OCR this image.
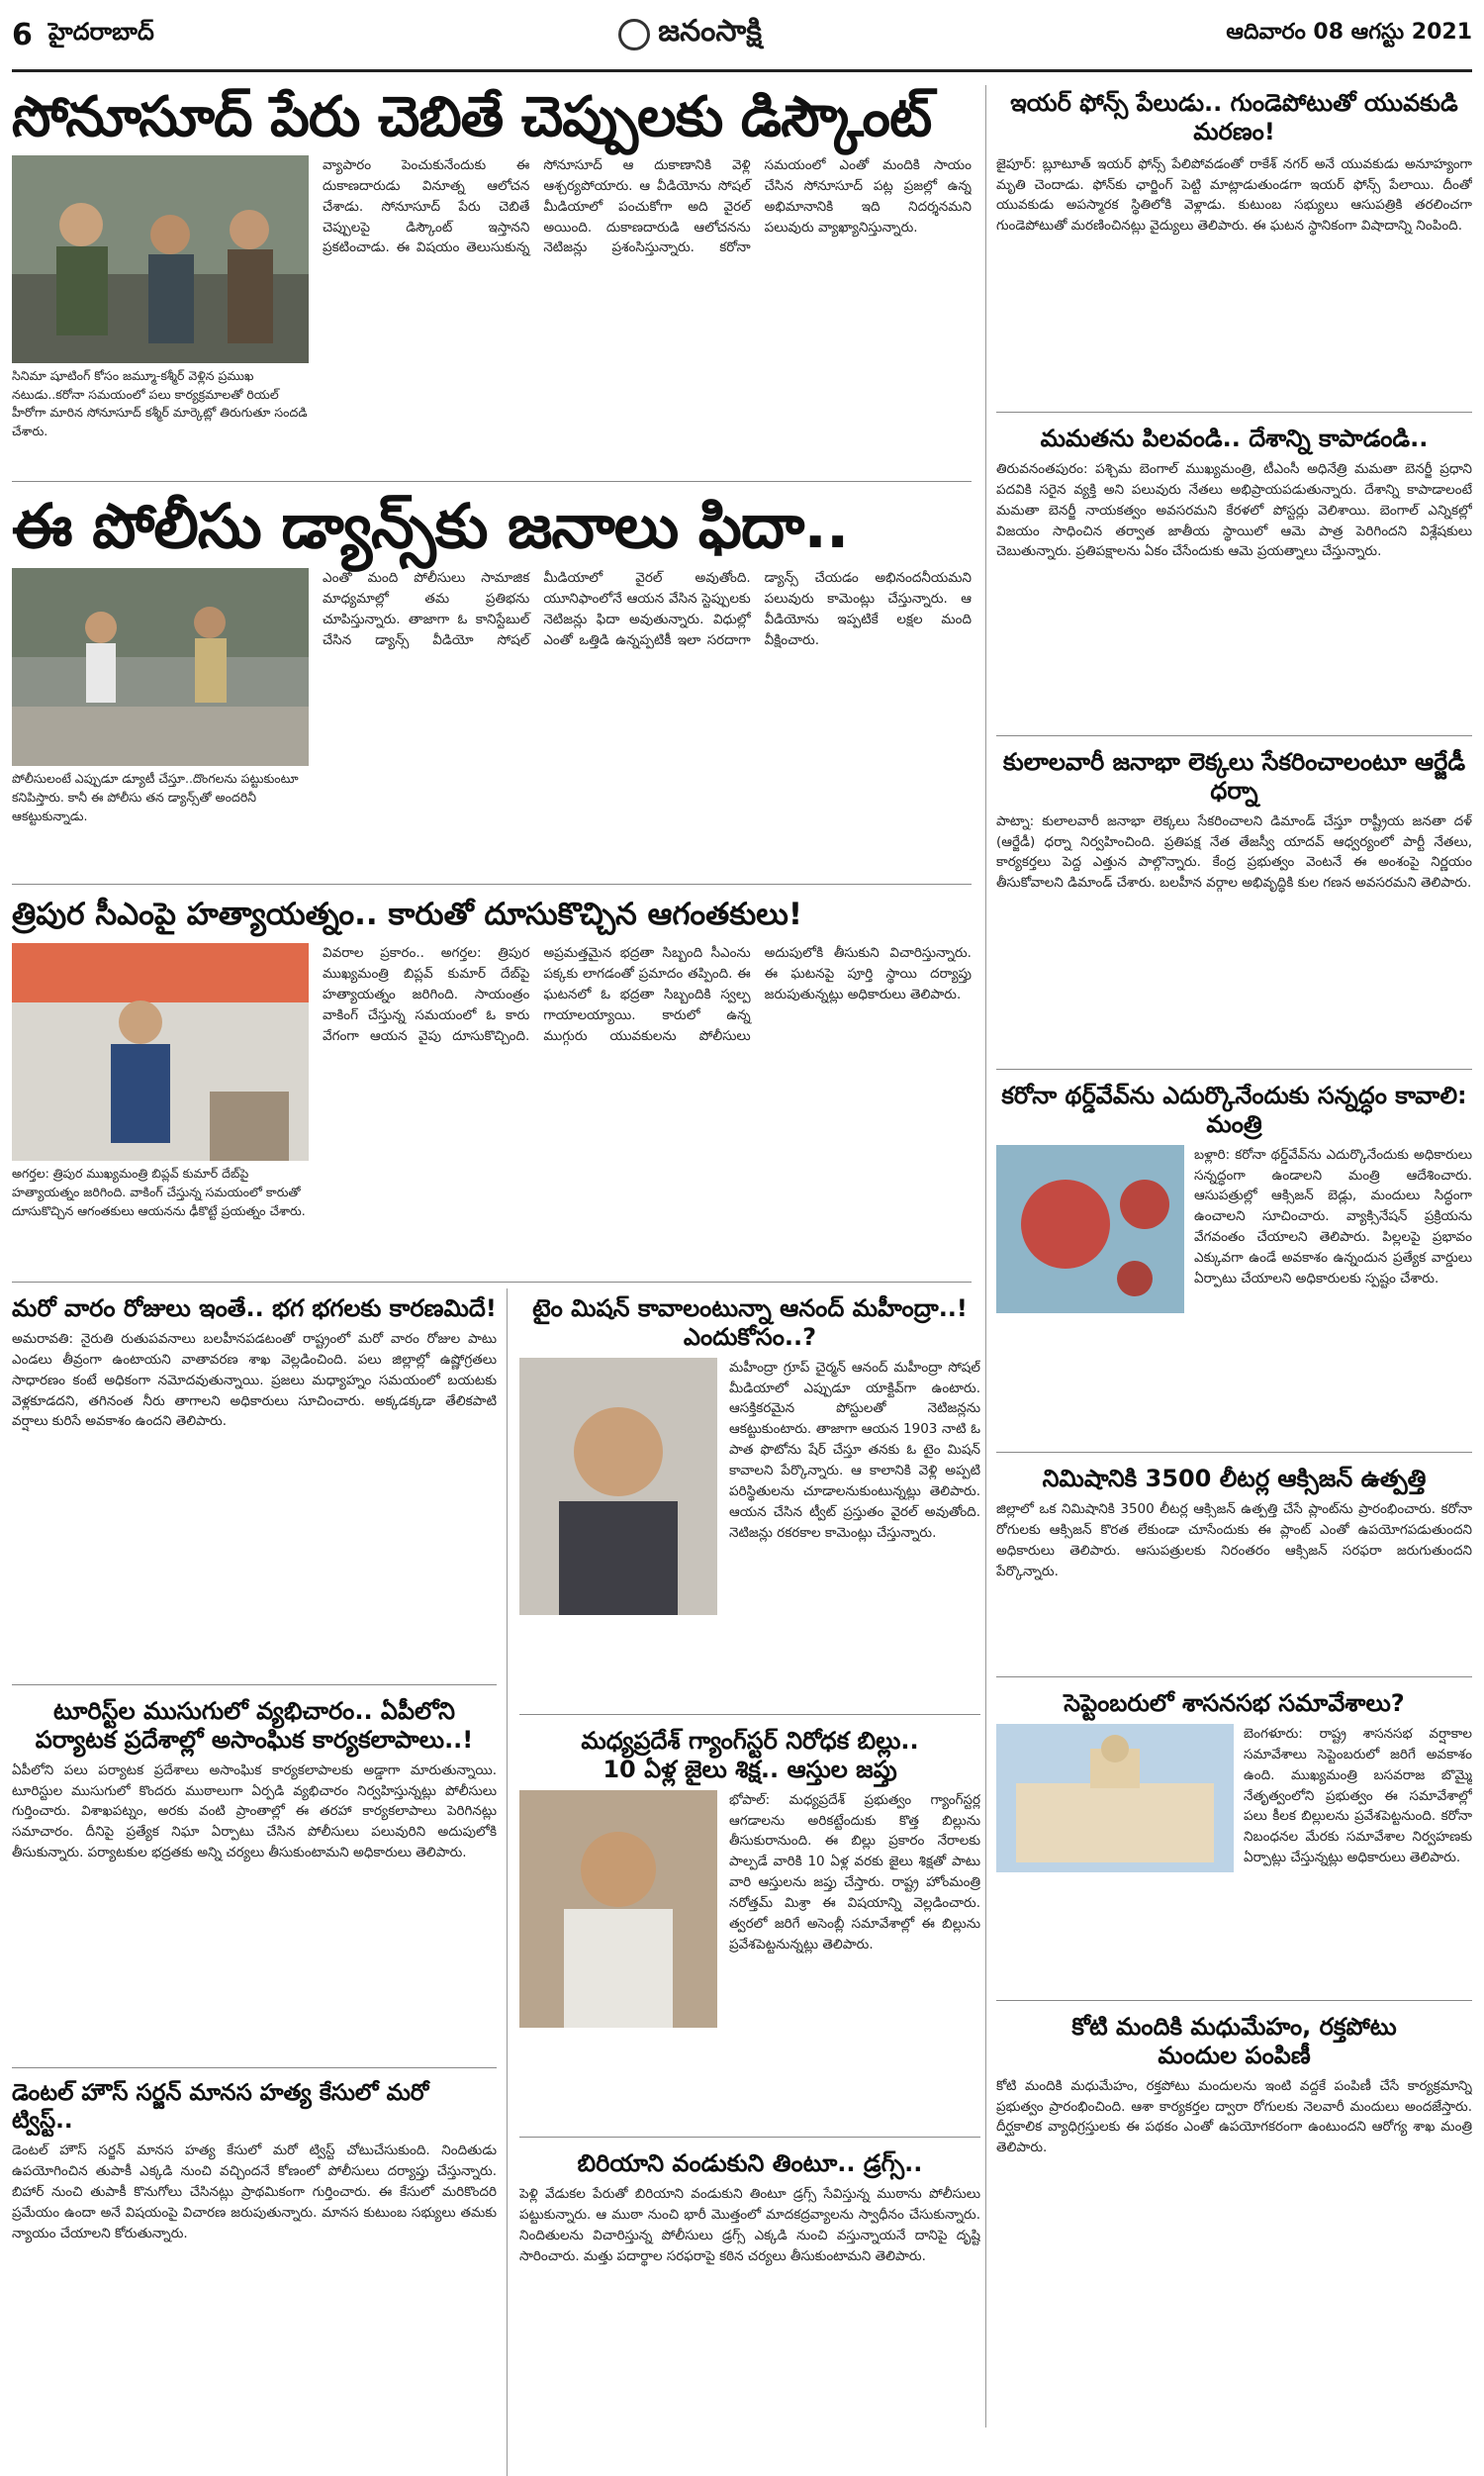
6 హైదరాబాద్	జనంసాక్షి	ఆదివారం 08 ఆగస్టు 2021
సోనూసూద్ పేరు చెబితే చెప్పులకు డిస్కౌంట్
సినిమా షూటింగ్ కోసం జమ్మూ-కశ్మీర్ వెళ్లిన ప్రముఖ నటుడు..కరోనా సమయంలో పలు కార్యక్రమాలతో రియల్ హీరోగా మారిన సోనూసూద్ కశ్మీర్ మార్కెట్లో తిరుగుతూ సందడి చేశారు.
వ్యాపారం పెంచుకునేందుకు ఈ దుకాణదారుడు వినూత్న ఆలోచన చేశాడు. సోనూసూద్ పేరు చెబితే చెప్పులపై డిస్కౌంట్ ఇస్తానని ప్రకటించాడు. ఈ విషయం తెలుసుకున్న సోనూసూద్ ఆ దుకాణానికి వెళ్లి ఆశ్చర్యపోయారు. ఆ వీడియోను సోషల్ మీడియాలో పంచుకోగా అది వైరల్ అయింది. దుకాణదారుడి ఆలోచనను నెటిజన్లు ప్రశంసిస్తున్నారు. కరోనా సమయంలో ఎంతో మందికి సాయం చేసిన సోనూసూద్ పట్ల ప్రజల్లో ఉన్న అభిమానానికి ఇది నిదర్శనమని పలువురు వ్యాఖ్యానిస్తున్నారు.
ఈ పోలీసు డ్యాన్స్‌కు జనాలు ఫిదా..
పోలీసులంటే ఎప్పుడూ డ్యూటీ చేస్తూ..దొంగలను పట్టుకుంటూ కనిపిస్తారు. కానీ ఈ పోలీసు తన డ్యాన్స్‌తో అందరినీ ఆకట్టుకున్నాడు.
ఎంతో మంది పోలీసులు సామాజిక మాధ్యమాల్లో తమ ప్రతిభను చూపిస్తున్నారు. తాజాగా ఓ కానిస్టేబుల్ చేసిన డ్యాన్స్ వీడియో సోషల్ మీడియాలో వైరల్ అవుతోంది. యూనిఫాంలోనే ఆయన వేసిన స్టెప్పులకు నెటిజన్లు ఫిదా అవుతున్నారు. విధుల్లో ఎంతో ఒత్తిడి ఉన్నప్పటికీ ఇలా సరదాగా డ్యాన్స్ చేయడం అభినందనీయమని పలువురు కామెంట్లు చేస్తున్నారు. ఆ వీడియోను ఇప్పటికే లక్షల మంది వీక్షించారు.
త్రిపుర సీఎంపై హత్యాయత్నం.. కారుతో దూసుకొచ్చిన ఆగంతకులు!
అగర్తల: త్రిపుర ముఖ్యమంత్రి బిప్లవ్ కుమార్ దేబ్‌పై హత్యాయత్నం జరిగింది. వాకింగ్ చేస్తున్న సమయంలో కారుతో దూసుకొచ్చిన ఆగంతకులు ఆయనను ఢీకొట్టే ప్రయత్నం చేశారు.
వివరాల ప్రకారం.. అగర్తల: త్రిపుర ముఖ్యమంత్రి బిప్లవ్ కుమార్ దేబ్‌పై హత్యాయత్నం జరిగింది. సాయంత్రం వాకింగ్ చేస్తున్న సమయంలో ఓ కారు వేగంగా ఆయన వైపు దూసుకొచ్చింది. అప్రమత్తమైన భద్రతా సిబ్బంది సీఎంను పక్కకు లాగడంతో ప్రమాదం తప్పింది. ఈ ఘటనలో ఓ భద్రతా సిబ్బందికి స్వల్ప గాయాలయ్యాయి. కారులో ఉన్న ముగ్గురు యువకులను పోలీసులు అదుపులోకి తీసుకుని విచారిస్తున్నారు. ఈ ఘటనపై పూర్తి స్థాయి దర్యాప్తు జరుపుతున్నట్లు అధికారులు తెలిపారు.
మరో వారం రోజులు ఇంతే.. భగ భగలకు కారణమిదే!
అమరావతి: నైరుతి రుతుపవనాలు బలహీనపడటంతో రాష్ట్రంలో మరో వారం రోజుల పాటు ఎండలు తీవ్రంగా ఉంటాయని వాతావరణ శాఖ వెల్లడించింది. పలు జిల్లాల్లో ఉష్ణోగ్రతలు సాధారణం కంటే అధికంగా నమోదవుతున్నాయి. ప్రజలు మధ్యాహ్నం సమయంలో బయటకు వెళ్లకూడదని, తగినంత నీరు తాగాలని అధికారులు సూచించారు. అక్కడక్కడా తేలికపాటి వర్షాలు కురిసే అవకాశం ఉందని తెలిపారు.
టూరిస్ట్‌ల ముసుగులో వ్యభిచారం.. ఏపీలోని
పర్యాటక ప్రదేశాల్లో అసాంఘిక కార్యకలాపాలు..!
ఏపీలోని పలు పర్యాటక ప్రదేశాలు అసాంఘిక కార్యకలాపాలకు అడ్డాగా మారుతున్నాయి. టూరిస్టుల ముసుగులో కొందరు ముఠాలుగా ఏర్పడి వ్యభిచారం నిర్వహిస్తున్నట్లు పోలీసులు గుర్తించారు. విశాఖపట్నం, అరకు వంటి ప్రాంతాల్లో ఈ తరహా కార్యకలాపాలు పెరిగినట్లు సమాచారం. దీనిపై ప్రత్యేక నిఘా ఏర్పాటు చేసిన పోలీసులు పలువురిని అదుపులోకి తీసుకున్నారు. పర్యాటకుల భద్రతకు అన్ని చర్యలు తీసుకుంటామని అధికారులు తెలిపారు.
డెంటల్ హౌస్ సర్జన్ మానస హత్య కేసులో మరో ట్విస్ట్..
డెంటల్ హౌస్ సర్జన్ మానస హత్య కేసులో మరో ట్విస్ట్ చోటుచేసుకుంది. నిందితుడు ఉపయోగించిన తుపాకీ ఎక్కడి నుంచి వచ్చిందనే కోణంలో పోలీసులు దర్యాప్తు చేస్తున్నారు. బిహార్ నుంచి తుపాకీ కొనుగోలు చేసినట్లు ప్రాథమికంగా గుర్తించారు. ఈ కేసులో మరికొందరి ప్రమేయం ఉందా అనే విషయంపై విచారణ జరుపుతున్నారు. మానస కుటుంబ సభ్యులు తమకు న్యాయం చేయాలని కోరుతున్నారు.
టైం మిషన్ కావాలంటున్నా ఆనంద్ మహీంద్రా..! ఎందుకోసం..?
మహీంద్రా గ్రూప్ చైర్మన్ ఆనంద్ మహీంద్రా సోషల్ మీడియాలో ఎప్పుడూ యాక్టివ్‌గా ఉంటారు. ఆసక్తికరమైన పోస్టులతో నెటిజన్లను ఆకట్టుకుంటారు. తాజాగా ఆయన 1903 నాటి ఓ పాత ఫొటోను షేర్ చేస్తూ తనకు ఓ టైం మిషన్ కావాలని పేర్కొన్నారు. ఆ కాలానికి వెళ్లి అప్పటి పరిస్థితులను చూడాలనుకుంటున్నట్లు తెలిపారు. ఆయన చేసిన ట్వీట్ ప్రస్తుతం వైరల్ అవుతోంది. నెటిజన్లు రకరకాల కామెంట్లు చేస్తున్నారు.
మధ్యప్రదేశ్ గ్యాంగ్‌స్టర్ నిరోధక బిల్లు..
10 ఏళ్ల జైలు శిక్ష.. ఆస్తుల జప్తు
భోపాల్: మధ్యప్రదేశ్ ప్రభుత్వం గ్యాంగ్‌స్టర్ల ఆగడాలను అరికట్టేందుకు కొత్త బిల్లును తీసుకురానుంది. ఈ బిల్లు ప్రకారం నేరాలకు పాల్పడే వారికి 10 ఏళ్ల వరకు జైలు శిక్షతో పాటు వారి ఆస్తులను జప్తు చేస్తారు. రాష్ట్ర హోంమంత్రి నరోత్తమ్ మిశ్రా ఈ విషయాన్ని వెల్లడించారు. త్వరలో జరిగే అసెంబ్లీ సమావేశాల్లో ఈ బిల్లును ప్రవేశపెట్టనున్నట్లు తెలిపారు.
బిరియాని వండుకుని తింటూ.. డ్రగ్స్..
పెళ్లి వేడుకల పేరుతో బిరియాని వండుకుని తింటూ డ్రగ్స్ సేవిస్తున్న ముఠాను పోలీసులు పట్టుకున్నారు. ఆ ముఠా నుంచి భారీ మొత్తంలో మాదకద్రవ్యాలను స్వాధీనం చేసుకున్నారు. నిందితులను విచారిస్తున్న పోలీసులు డ్రగ్స్ ఎక్కడి నుంచి వస్తున్నాయనే దానిపై దృష్టి సారించారు. మత్తు పదార్థాల సరఫరాపై కఠిన చర్యలు తీసుకుంటామని తెలిపారు.
ఇయర్ ఫోన్స్ పేలుడు.. గుండెపోటుతో యువకుడి మరణం!
జైపూర్: బ్లూటూత్ ఇయర్ ఫోన్స్ పేలిపోవడంతో రాకేశ్ నగర్ అనే యువకుడు అనూహ్యంగా మృతి చెందాడు. ఫోన్‌కు ఛార్జింగ్ పెట్టి మాట్లాడుతుండగా ఇయర్ ఫోన్స్ పేలాయి. దీంతో యువకుడు అపస్మారక స్థితిలోకి వెళ్లాడు. కుటుంబ సభ్యులు ఆసుపత్రికి తరలించగా గుండెపోటుతో మరణించినట్లు వైద్యులు తెలిపారు. ఈ ఘటన స్థానికంగా విషాదాన్ని నింపింది.
మమతను పిలవండి.. దేశాన్ని కాపాడండి..
తిరువనంతపురం: పశ్చిమ బెంగాల్ ముఖ్యమంత్రి, టీఎంసీ అధినేత్రి మమతా బెనర్జీ ప్రధాని పదవికి సరైన వ్యక్తి అని పలువురు నేతలు అభిప్రాయపడుతున్నారు. దేశాన్ని కాపాడాలంటే మమతా బెనర్జీ నాయకత్వం అవసరమని కేరళలో పోస్టర్లు వెలిశాయి. బెంగాల్ ఎన్నికల్లో విజయం సాధించిన తర్వాత జాతీయ స్థాయిలో ఆమె పాత్ర పెరిగిందని విశ్లేషకులు చెబుతున్నారు. ప్రతిపక్షాలను ఏకం చేసేందుకు ఆమె ప్రయత్నాలు చేస్తున్నారు.
కులాలవారీ జనాభా లెక్కలు సేకరించాలంటూ ఆర్జేడీ ధర్నా
పాట్నా: కులాలవారీ జనాభా లెక్కలు సేకరించాలని డిమాండ్ చేస్తూ రాష్ట్రీయ జనతా దళ్ (ఆర్జేడీ) ధర్నా నిర్వహించింది. ప్రతిపక్ష నేత తేజస్వీ యాదవ్ ఆధ్వర్యంలో పార్టీ నేతలు, కార్యకర్తలు పెద్ద ఎత్తున పాల్గొన్నారు. కేంద్ర ప్రభుత్వం వెంటనే ఈ అంశంపై నిర్ణయం తీసుకోవాలని డిమాండ్ చేశారు. బలహీన వర్గాల అభివృద్ధికి కుల గణన అవసరమని తెలిపారు.
కరోనా థర్డ్‌వేవ్‌ను ఎదుర్కొనేందుకు సన్నద్ధం కావాలి: మంత్రి
బళ్లారి: కరోనా థర్డ్‌వేవ్‌ను ఎదుర్కొనేందుకు అధికారులు సన్నద్ధంగా ఉండాలని మంత్రి ఆదేశించారు. ఆసుపత్రుల్లో ఆక్సిజన్ బెడ్లు, మందులు సిద్ధంగా ఉంచాలని సూచించారు. వ్యాక్సినేషన్ ప్రక్రియను వేగవంతం చేయాలని తెలిపారు. పిల్లలపై ప్రభావం ఎక్కువగా ఉండే అవకాశం ఉన్నందున ప్రత్యేక వార్డులు ఏర్పాటు చేయాలని అధికారులకు స్పష్టం చేశారు.
నిమిషానికి 3500 లీటర్ల ఆక్సిజన్ ఉత్పత్తి
జిల్లాలో ఒక నిమిషానికి 3500 లీటర్ల ఆక్సిజన్ ఉత్పత్తి చేసే ప్లాంట్‌ను ప్రారంభించారు. కరోనా రోగులకు ఆక్సిజన్ కొరత లేకుండా చూసేందుకు ఈ ప్లాంట్ ఎంతో ఉపయోగపడుతుందని అధికారులు తెలిపారు. ఆసుపత్రులకు నిరంతరం ఆక్సిజన్ సరఫరా జరుగుతుందని పేర్కొన్నారు.
సెప్టెంబరులో శాసనసభ సమావేశాలు?
బెంగళూరు: రాష్ట్ర శాసనసభ వర్షాకాల సమావేశాలు సెప్టెంబరులో జరిగే అవకాశం ఉంది. ముఖ్యమంత్రి బసవరాజ బొమ్మై నేతృత్వంలోని ప్రభుత్వం ఈ సమావేశాల్లో పలు కీలక బిల్లులను ప్రవేశపెట్టనుంది. కరోనా నిబంధనల మేరకు సమావేశాల నిర్వహణకు ఏర్పాట్లు చేస్తున్నట్లు అధికారులు తెలిపారు.
కోటి మందికి మధుమేహం, రక్తపోటు
మందుల పంపిణీ
కోటి మందికి మధుమేహం, రక్తపోటు మందులను ఇంటి వద్దకే పంపిణీ చేసే కార్యక్రమాన్ని ప్రభుత్వం ప్రారంభించింది. ఆశా కార్యకర్తల ద్వారా రోగులకు నెలవారీ మందులు అందజేస్తారు. దీర్ఘకాలిక వ్యాధిగ్రస్తులకు ఈ పథకం ఎంతో ఉపయోగకరంగా ఉంటుందని ఆరోగ్య శాఖ మంత్రి తెలిపారు.
